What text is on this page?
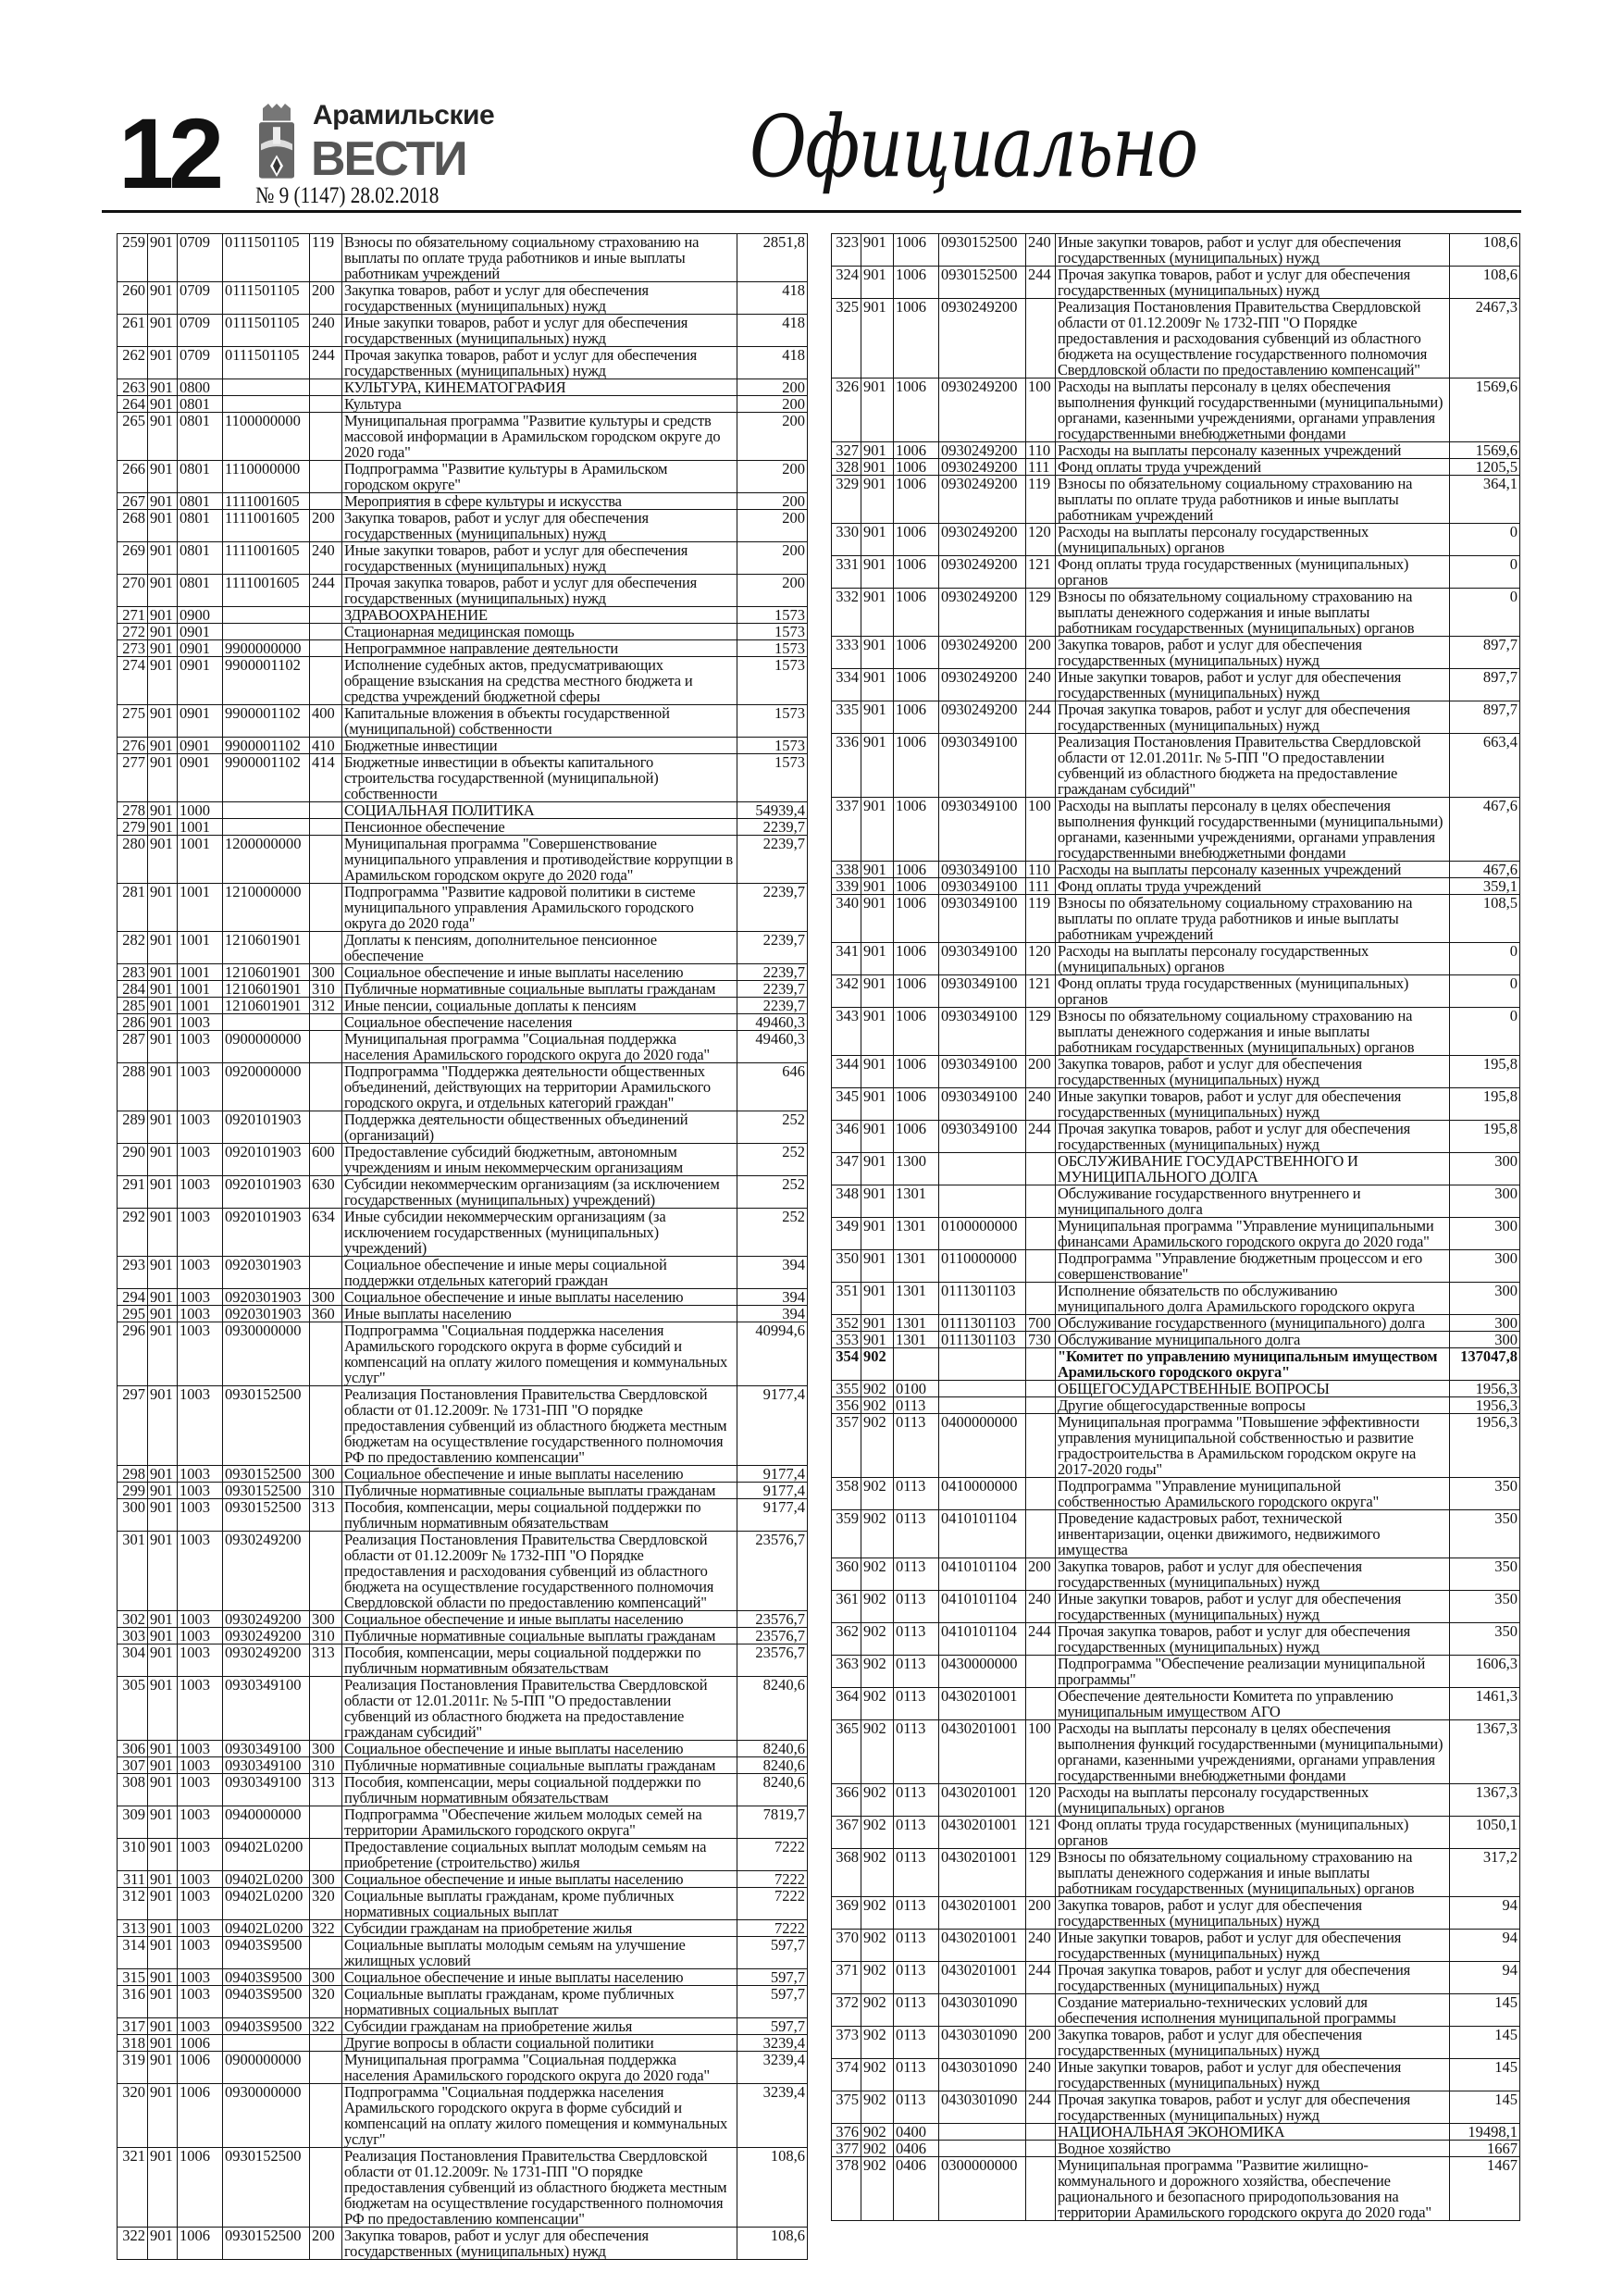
12	Арамильские
ВЕСТИ
№ 9 (1147) 28.02.2018	Официально
259	901	0709	0111501105	119	Взносы по обязательному социальному страхованию на выплаты по оплате труда работников и иные выплаты работникам учреждений	2851,8
260	901	0709	0111501105	200	Закупка товаров, работ и услуг для обеспечения государственных (муниципальных) нужд	418
261	901	0709	0111501105	240	Иные закупки товаров, работ и услуг для обеспечения государственных (муниципальных) нужд	418
262	901	0709	0111501105	244	Прочая закупка товаров, работ и услуг для обеспечения государственных (муниципальных) нужд	418
263	901	0800			КУЛЬТУРА, КИНЕМАТОГРАФИЯ	200
264	901	0801			Культура	200
265	901	0801	1100000000		Муниципальная программа "Развитие культуры и средств массовой информации в Арамильском городском округе до 2020 года"	200
266	901	0801	1110000000		Подпрограмма "Развитие культуры в Арамильском городском округе"	200
267	901	0801	1111001605		Мероприятия в сфере культуры и искусства	200
268	901	0801	1111001605	200	Закупка товаров, работ и услуг для обеспечения государственных (муниципальных) нужд	200
269	901	0801	1111001605	240	Иные закупки товаров, работ и услуг для обеспечения государственных (муниципальных) нужд	200
270	901	0801	1111001605	244	Прочая закупка товаров, работ и услуг для обеспечения государственных (муниципальных) нужд	200
271	901	0900			ЗДРАВООХРАНЕНИЕ	1573
272	901	0901			Стационарная медицинская помощь	1573
273	901	0901	9900000000		Непрограммное направление деятельности	1573
274	901	0901	9900001102		Исполнение судебных актов, предусматривающих обращение взыскания на средства местного бюджета и средства учреждений бюджетной сферы	1573
275	901	0901	9900001102	400	Капитальные вложения в объекты государственной (муниципальной) собственности	1573
276	901	0901	9900001102	410	Бюджетные инвестиции	1573
277	901	0901	9900001102	414	Бюджетные инвестиции в объекты капитального строительства государственной (муниципальной) собственности	1573
278	901	1000			СОЦИАЛЬНАЯ ПОЛИТИКА	54939,4
279	901	1001			Пенсионное обеспечение	2239,7
280	901	1001	1200000000		Муниципальная программа "Совершенствование муниципального управления и противодействие коррупции в Арамильском городском округе до 2020 года"	2239,7
281	901	1001	1210000000		Подпрограмма "Развитие кадровой политики в системе муниципального управления Арамильского городского округа до 2020 года"	2239,7
282	901	1001	1210601901		Доплаты к пенсиям, дополнительное пенсионное обеспечение	2239,7
283	901	1001	1210601901	300	Социальное обеспечение и иные выплаты населению	2239,7
284	901	1001	1210601901	310	Публичные нормативные социальные выплаты гражданам	2239,7
285	901	1001	1210601901	312	Иные пенсии, социальные доплаты к пенсиям	2239,7
286	901	1003			Социальное обеспечение населения	49460,3
287	901	1003	0900000000		Муниципальная программа "Социальная поддержка населения Арамильского городского округа до 2020 года"	49460,3
288	901	1003	0920000000		Подпрограмма "Поддержка деятельности общественных объединений, действующих на территории Арамильского городского округа, и отдельных категорий граждан"	646
289	901	1003	0920101903		Поддержка деятельности общественных объединений (организаций)	252
290	901	1003	0920101903	600	Предоставление субсидий бюджетным, автономным учреждениям и иным некоммерческим организациям	252
291	901	1003	0920101903	630	Субсидии некоммерческим организациям (за исключением государственных (муниципальных) учреждений)	252
292	901	1003	0920101903	634	Иные субсидии некоммерческим организациям (за исключением государственных (муниципальных) учреждений)	252
293	901	1003	0920301903		Социальное обеспечение и иные меры социальной поддержки отдельных категорий граждан	394
294	901	1003	0920301903	300	Социальное обеспечение и иные выплаты населению	394
295	901	1003	0920301903	360	Иные выплаты населению	394
296	901	1003	0930000000		Подпрограмма "Социальная поддержка населения Арамильского городского округа в форме субсидий и компенсаций на оплату жилого помещения и коммунальных услуг"	40994,6
297	901	1003	0930152500		Реализация Постановления Правительства Свердловской области от 01.12.2009г. № 1731-ПП "О порядке предоставления субвенций из областного бюджета местным бюджетам на осуществление государственного полномочия РФ по предоставлению компенсации"	9177,4
298	901	1003	0930152500	300	Социальное обеспечение и иные выплаты населению	9177,4
299	901	1003	0930152500	310	Публичные нормативные социальные выплаты гражданам	9177,4
300	901	1003	0930152500	313	Пособия, компенсации, меры социальной поддержки по публичным нормативным обязательствам	9177,4
301	901	1003	0930249200		Реализация Постановления Правительства Свердловской области от 01.12.2009г № 1732-ПП "О Порядке предоставления и расходования субвенций из областного бюджета на осуществление государственного полномочия Свердловской области по предоставлению компенсаций"	23576,7
302	901	1003	0930249200	300	Социальное обеспечение и иные выплаты населению	23576,7
303	901	1003	0930249200	310	Публичные нормативные социальные выплаты гражданам	23576,7
304	901	1003	0930249200	313	Пособия, компенсации, меры социальной поддержки по публичным нормативным обязательствам	23576,7
305	901	1003	0930349100		Реализация Постановления Правительства Свердловской области от 12.01.2011г. № 5-ПП "О предоставлении субвенций из областного бюджета на предоставление гражданам субсидий"	8240,6
306	901	1003	0930349100	300	Социальное обеспечение и иные выплаты населению	8240,6
307	901	1003	0930349100	310	Публичные нормативные социальные выплаты гражданам	8240,6
308	901	1003	0930349100	313	Пособия, компенсации, меры социальной поддержки по публичным нормативным обязательствам	8240,6
309	901	1003	0940000000		Подпрограмма "Обеспечение жильем молодых семей на территории Арамильского городского округа"	7819,7
310	901	1003	09402L0200		Предоставление социальных выплат молодым семьям на приобретение (строительство) жилья	7222
311	901	1003	09402L0200	300	Социальное обеспечение и иные выплаты населению	7222
312	901	1003	09402L0200	320	Социальные выплаты гражданам, кроме публичных нормативных социальных выплат	7222
313	901	1003	09402L0200	322	Субсидии гражданам на приобретение жилья	7222
314	901	1003	09403S9500		Социальные выплаты молодым семьям на улучшение жилищных условий	597,7
315	901	1003	09403S9500	300	Социальное обеспечение и иные выплаты населению	597,7
316	901	1003	09403S9500	320	Социальные выплаты гражданам, кроме публичных нормативных социальных выплат	597,7
317	901	1003	09403S9500	322	Субсидии гражданам на приобретение жилья	597,7
318	901	1006			Другие вопросы в области социальной политики	3239,4
319	901	1006	0900000000		Муниципальная программа "Социальная поддержка населения Арамильского городского округа до 2020 года"	3239,4
320	901	1006	0930000000		Подпрограмма "Социальная поддержка населения Арамильского городского округа в форме субсидий и компенсаций на оплату жилого помещения и коммунальных услуг"	3239,4
321	901	1006	0930152500		Реализация Постановления Правительства Свердловской области от 01.12.2009г. № 1731-ПП "О порядке предоставления субвенций из областного бюджета местным бюджетам на осуществление государственного полномочия РФ по предоставлению компенсации"	108,6
322	901	1006	0930152500	200	Закупка товаров, работ и услуг для обеспечения государственных (муниципальных) нужд	108,6
323	901	1006	0930152500	240	Иные закупки товаров, работ и услуг для обеспечения государственных (муниципальных) нужд	108,6
324	901	1006	0930152500	244	Прочая закупка товаров, работ и услуг для обеспечения государственных (муниципальных) нужд	108,6
325	901	1006	0930249200		Реализация Постановления Правительства Свердловской области от 01.12.2009г № 1732-ПП "О Порядке предоставления и расходования субвенций из областного бюджета на осуществление государственного полномочия Свердловской области по предоставлению компенсаций"	2467,3
326	901	1006	0930249200	100	Расходы на выплаты персоналу в целях обеспечения выполнения функций государственными (муниципальными) органами, казенными учреждениями, органами управления государственными внебюджетными фондами	1569,6
327	901	1006	0930249200	110	Расходы на выплаты персоналу казенных учреждений	1569,6
328	901	1006	0930249200	111	Фонд оплаты труда учреждений	1205,5
329	901	1006	0930249200	119	Взносы по обязательному социальному страхованию на выплаты по оплате труда работников и иные выплаты работникам учреждений	364,1
330	901	1006	0930249200	120	Расходы на выплаты персоналу государственных (муниципальных) органов	0
331	901	1006	0930249200	121	Фонд оплаты труда государственных (муниципальных) органов	0
332	901	1006	0930249200	129	Взносы по обязательному социальному страхованию на выплаты денежного содержания и иные выплаты работникам государственных (муниципальных) органов	0
333	901	1006	0930249200	200	Закупка товаров, работ и услуг для обеспечения государственных (муниципальных) нужд	897,7
334	901	1006	0930249200	240	Иные закупки товаров, работ и услуг для обеспечения государственных (муниципальных) нужд	897,7
335	901	1006	0930249200	244	Прочая закупка товаров, работ и услуг для обеспечения государственных (муниципальных) нужд	897,7
336	901	1006	0930349100		Реализация Постановления Правительства Свердловской области от 12.01.2011г. № 5-ПП "О предоставлении субвенций из областного бюджета на предоставление гражданам субсидий"	663,4
337	901	1006	0930349100	100	Расходы на выплаты персоналу в целях обеспечения выполнения функций государственными (муниципальными) органами, казенными учреждениями, органами управления государственными внебюджетными фондами	467,6
338	901	1006	0930349100	110	Расходы на выплаты персоналу казенных учреждений	467,6
339	901	1006	0930349100	111	Фонд оплаты труда учреждений	359,1
340	901	1006	0930349100	119	Взносы по обязательному социальному страхованию на выплаты по оплате труда работников и иные выплаты работникам учреждений	108,5
341	901	1006	0930349100	120	Расходы на выплаты персоналу государственных (муниципальных) органов	0
342	901	1006	0930349100	121	Фонд оплаты труда государственных (муниципальных) органов	0
343	901	1006	0930349100	129	Взносы по обязательному социальному страхованию на выплаты денежного содержания и иные выплаты работникам государственных (муниципальных) органов	0
344	901	1006	0930349100	200	Закупка товаров, работ и услуг для обеспечения государственных (муниципальных) нужд	195,8
345	901	1006	0930349100	240	Иные закупки товаров, работ и услуг для обеспечения государственных (муниципальных) нужд	195,8
346	901	1006	0930349100	244	Прочая закупка товаров, работ и услуг для обеспечения государственных (муниципальных) нужд	195,8
347	901	1300			ОБСЛУЖИВАНИЕ ГОСУДАРСТВЕННОГО И МУНИЦИПАЛЬНОГО ДОЛГА	300
348	901	1301			Обслуживание государственного внутреннего и муниципального долга	300
349	901	1301	0100000000		Муниципальная программа "Управление муниципальными финансами Арамильского городского округа до 2020 года"	300
350	901	1301	0110000000		Подпрограмма "Управление бюджетным процессом и его совершенствование"	300
351	901	1301	0111301103		Исполнение обязательств по обслуживанию муниципального долга Арамильского городского округа	300
352	901	1301	0111301103	700	Обслуживание государственного (муниципального) долга	300
353	901	1301	0111301103	730	Обслуживание муниципального долга	300
354	902				"Комитет по управлению муниципальным имуществом Арамильского городского округа"	137047,8
355	902	0100			ОБЩЕГОСУДАРСТВЕННЫЕ ВОПРОСЫ	1956,3
356	902	0113			Другие общегосударственные вопросы	1956,3
357	902	0113	0400000000		Муниципальная программа "Повышение эффективности управления муниципальной собственностью и развитие градостроительства в Арамильском городском округе на 2017-2020 годы"	1956,3
358	902	0113	0410000000		Подпрограмма "Управление муниципальной собственностью Арамильского городского округа"	350
359	902	0113	0410101104		Проведение кадастровых работ, технической инвентаризации, оценки движимого, недвижимого имущества	350
360	902	0113	0410101104	200	Закупка товаров, работ и услуг для обеспечения государственных (муниципальных) нужд	350
361	902	0113	0410101104	240	Иные закупки товаров, работ и услуг для обеспечения государственных (муниципальных) нужд	350
362	902	0113	0410101104	244	Прочая закупка товаров, работ и услуг для обеспечения государственных (муниципальных) нужд	350
363	902	0113	0430000000		Подпрограмма "Обеспечение реализации муниципальной программы"	1606,3
364	902	0113	0430201001		Обеспечение деятельности Комитета по управлению муниципальным имуществом АГО	1461,3
365	902	0113	0430201001	100	Расходы на выплаты персоналу в целях обеспечения выполнения функций государственными (муниципальными) органами, казенными учреждениями, органами управления государственными внебюджетными фондами	1367,3
366	902	0113	0430201001	120	Расходы на выплаты персоналу государственных (муниципальных) органов	1367,3
367	902	0113	0430201001	121	Фонд оплаты труда государственных (муниципальных) органов	1050,1
368	902	0113	0430201001	129	Взносы по обязательному социальному страхованию на выплаты денежного содержания и иные выплаты работникам государственных (муниципальных) органов	317,2
369	902	0113	0430201001	200	Закупка товаров, работ и услуг для обеспечения государственных (муниципальных) нужд	94
370	902	0113	0430201001	240	Иные закупки товаров, работ и услуг для обеспечения государственных (муниципальных) нужд	94
371	902	0113	0430201001	244	Прочая закупка товаров, работ и услуг для обеспечения государственных (муниципальных) нужд	94
372	902	0113	0430301090		Создание материально-технических условий для обеспечения исполнения муниципальной программы	145
373	902	0113	0430301090	200	Закупка товаров, работ и услуг для обеспечения государственных (муниципальных) нужд	145
374	902	0113	0430301090	240	Иные закупки товаров, работ и услуг для обеспечения государственных (муниципальных) нужд	145
375	902	0113	0430301090	244	Прочая закупка товаров, работ и услуг для обеспечения государственных (муниципальных) нужд	145
376	902	0400			НАЦИОНАЛЬНАЯ ЭКОНОМИКА	19498,1
377	902	0406			Водное хозяйство	1667
378	902	0406	0300000000		Муниципальная программа "Развитие жилищно-коммунального и дорожного хозяйства, обеспечение рационального и безопасного природопользования на территории Арамильского городского округа до 2020 года"	1467
